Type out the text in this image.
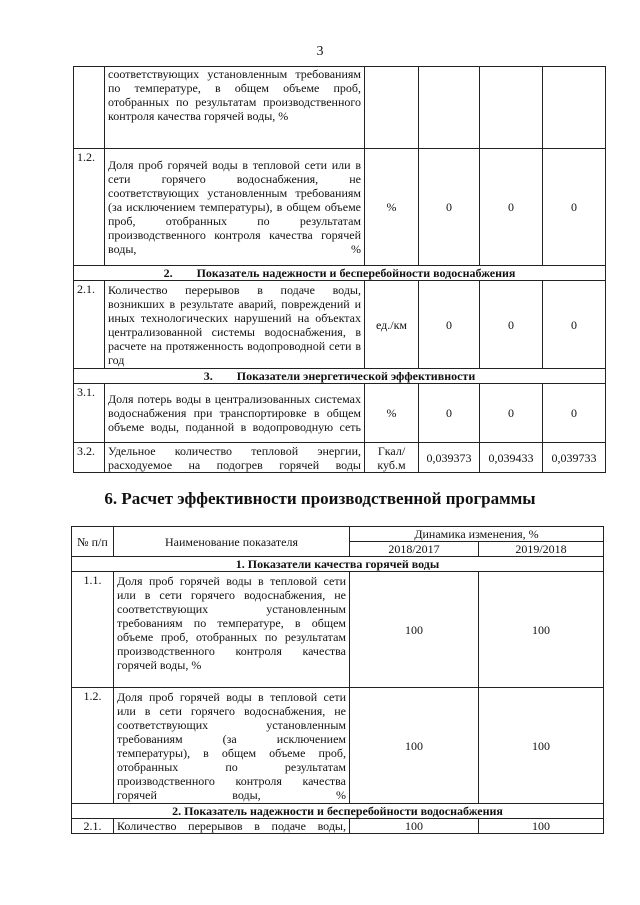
3
	соответствующих установленным требованиям по температуре, в общем объеме проб, отобранных по результатам производственного контроля качества горячей воды, %				
1.2.	Доля проб горячей воды в тепловой сети или в сети горячего водоснабжения, не соответствующих установленным требованиям (за исключением температуры), в общем объеме проб, отобранных по результатам производственного контроля качества горячей воды, %	%	0	0	0
2.        Показатель надежности и бесперебойности водоснабжения					
2.1.	Количество перерывов в подаче воды, возникших в результате аварий, повреждений и иных технологических нарушений на объектах централизованной системы водоснабжения, в расчете на протяженность водопроводной сети в год	ед./км	0	0	0
3.        Показатели энергетической эффективности					
3.1.	Доля потерь воды в централизованных системах водоснабжения при транспортировке в общем объеме воды, поданной в водопроводную сеть	%	0	0	0
3.2.	Удельное количество тепловой энергии, расходуемое на подогрев горячей воды	Гкал/ куб.м	0,039373	0,039433	0,039733
6. Расчет эффективности производственной программы
№ п/п	Наименование показателя	Динамика изменения, %	
		2018/2017	2019/2018
1. Показатели качества горячей воды			
1.1.	Доля проб горячей воды в тепловой сети или в сети горячего водоснабжения, не соответствующих установленным требованиям по температуре, в общем объеме проб, отобранных по результатам производственного контроля качества горячей воды, %	100	100
1.2.	Доля проб горячей воды в тепловой сети или в сети горячего водоснабжения, не соответствующих установленным требованиям (за исключением температуры), в общем объеме проб, отобранных по результатам производственного контроля качества горячей воды, %	100	100
2. Показатель надежности и бесперебойности водоснабжения			
2.1.	Количество перерывов в подаче воды,	100	100
